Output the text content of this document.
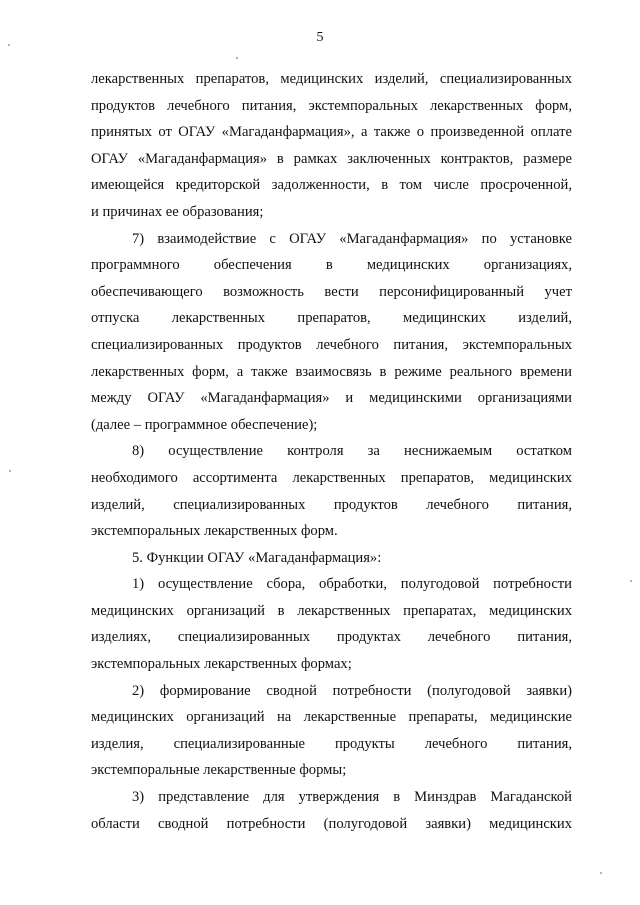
5
лекарственных препаратов, медицинских изделий, специализированных
продуктов лечебного питания, экстемпоральных лекарственных форм,
принятых от ОГАУ «Магаданфармация», а также о произведенной оплате
ОГАУ «Магаданфармация» в рамках заключенных контрактов, размере
имеющейся кредиторской задолженности, в том числе просроченной,
и причинах ее образования;
7) взаимодействие с ОГАУ «Магаданфармация» по установке
программного обеспечения в медицинских организациях,
обеспечивающего возможность вести персонифицированный учет
отпуска лекарственных препаратов, медицинских изделий,
специализированных продуктов лечебного питания, экстемпоральных
лекарственных форм, а также взаимосвязь в режиме реального времени
между ОГАУ «Магаданфармация» и медицинскими организациями
(далее – программное обеспечение);
8) осуществление контроля за неснижаемым остатком
необходимого ассортимента лекарственных препаратов, медицинских
изделий, специализированных продуктов лечебного питания,
экстемпоральных лекарственных форм.
5. Функции ОГАУ «Магаданфармация»:
1) осуществление сбора, обработки, полугодовой потребности
медицинских организаций в лекарственных препаратах, медицинских
изделиях, специализированных продуктах лечебного питания,
экстемпоральных лекарственных формах;
2) формирование сводной потребности (полугодовой заявки)
медицинских организаций на лекарственные препараты, медицинские
изделия, специализированные продукты лечебного питания,
экстемпоральные лекарственные формы;
3) представление для утверждения в Минздрав Магаданской
области сводной потребности (полугодовой заявки) медицинских
